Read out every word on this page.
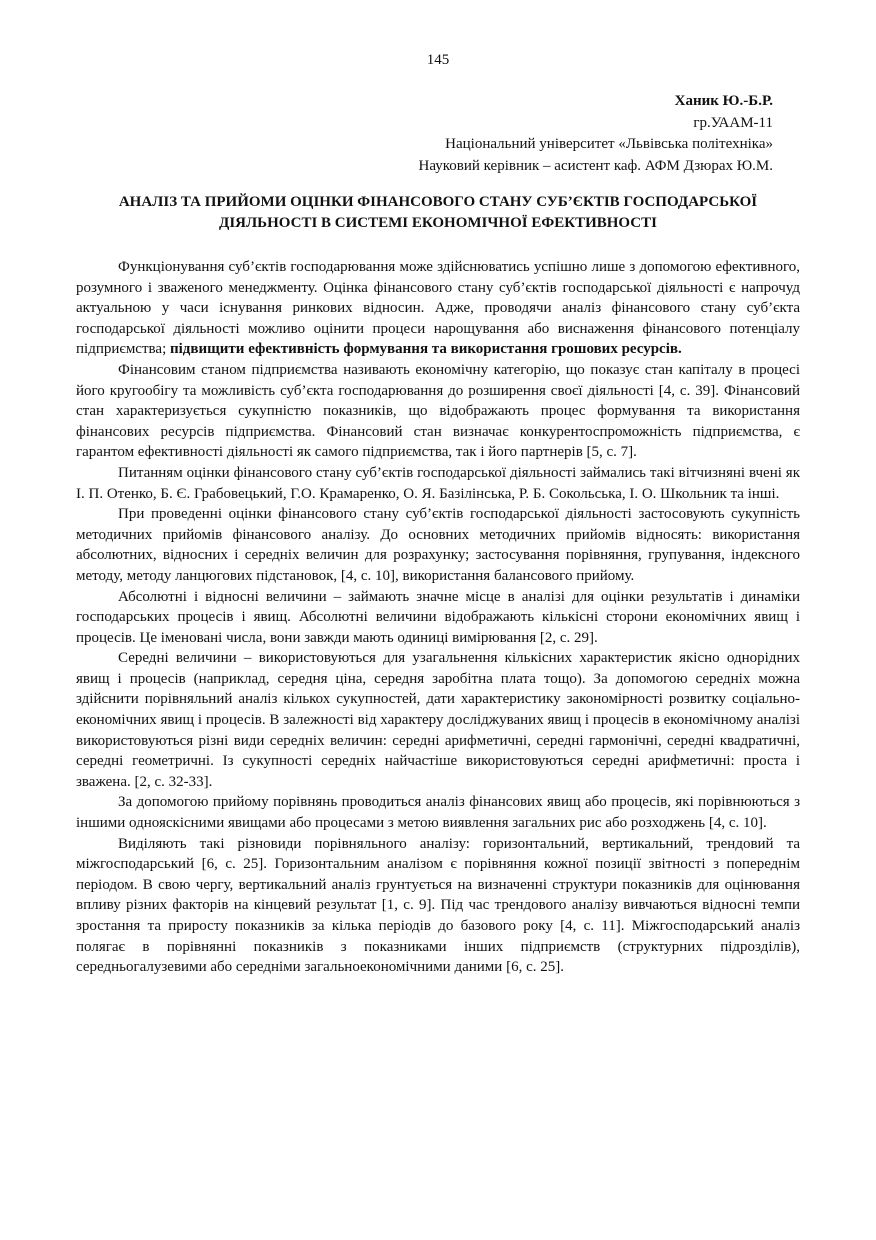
145
Ханик Ю.-Б.Р.
гр.УААМ-11
Національний університет «Львівська політехніка»
Науковий керівник – асистент каф. АФМ Дзюрах Ю.М.
АНАЛІЗ ТА ПРИЙОМИ ОЦІНКИ ФІНАНСОВОГО СТАНУ СУБ’ЄКТІВ ГОСПОДАРСЬКОЇ
ДІЯЛЬНОСТІ В СИСТЕМІ ЕКОНОМІЧНОЇ ЕФЕКТИВНОСТІ

Функціонування суб’єктів господарювання може здійснюватись успішно лише з допомогою ефективного, розумного і зваженого менеджменту. Оцінка фінансового стану суб’єктів господарської діяльності є напрочуд актуальною у часи існування ринкових відносин. Адже, проводячи аналіз фінансового стану суб’єкта господарської діяльності можливо оцінити процеси нарощування або виснаження фінансового потенціалу підприємства; підвищити ефективність формування та використання грошових ресурсів.

Фінансовим станом підприємства називають економічну категорію, що показує стан капіталу в процесі його кругообігу та можливість суб’єкта господарювання до розширення своєї діяльності [4, с. 39]. Фінансовий стан характеризується сукупністю показників, що відображають процес формування та використання фінансових ресурсів підприємства. Фінансовий стан визначає конкурентоспроможність підприємства, є гарантом ефективності діяльності як самого підприємства, так і його партнерів [5, с. 7].

Питанням оцінки фінансового стану суб’єктів господарської діяльності займались такі вітчизняні вчені як І. П. Отенко, Б. Є. Грабовецький, Г.О. Крамаренко, О. Я. Базілінська, Р. Б. Сокольська, І. О. Школьник та інші.

При проведенні оцінки фінансового стану суб’єктів господарської діяльності застосовують сукупність методичних прийомів фінансового аналізу. До основних методичних прийомів відносять: використання абсолютних, відносних і середніх величин для розрахунку; застосування порівняння, групування, індексного методу, методу ланцюгових підстановок, [4, с. 10], використання балансового прийому.

Абсолютні і відносні величини – займають значне місце в аналізі для оцінки результатів і динаміки господарських процесів і явищ. Абсолютні величини відображають кількісні сторони економічних явищ і процесів. Це іменовані числа, вони завжди мають одиниці вимірювання [2, с. 29].

Середні величини – використовуються для узагальнення кількісних характеристик якісно однорідних явищ і процесів (наприклад, середня ціна, середня заробітна плата тощо). За допомогою середніх можна здійснити порівняльний аналіз кількох сукупностей, дати характеристику закономірності розвитку соціально-економічних явищ і процесів. В залежності від характеру досліджуваних явищ і процесів в економічному аналізі використовуються різні види середніх величин: середні арифметичні, середні гармонічні, середні квадратичні, середні геометричні. Із сукупності середніх найчастіше використовуються середні арифметичні: проста і зважена. [2, с. 32-33].

За допомогою прийому порівнянь проводиться аналіз фінансових явищ або процесів, які порівнюються з іншими однояскісними явищами або процесами з метою виявлення загальних рис або розходжень [4, с. 10].

Виділяють такі різновиди порівняльного аналізу: горизонтальний, вертикальний, трендовий та міжгосподарський [6, с. 25]. Горизонтальним аналізом є порівняння кожної позиції звітності з попереднім періодом. В свою чергу, вертикальний аналіз грунтується на визначенні структури показників для оцінювання впливу різних факторів на кінцевий результат [1, с. 9]. Під час трендового аналізу вивчаються відносні темпи зростання та приросту показників за кілька періодів до базового року [4, с. 11]. Міжгосподарський аналіз полягає в порівнянні показників з показниками інших підприємств (структурних підрозділів), середньогалузевими або середніми загальноекономічними даними [6, с. 25].
